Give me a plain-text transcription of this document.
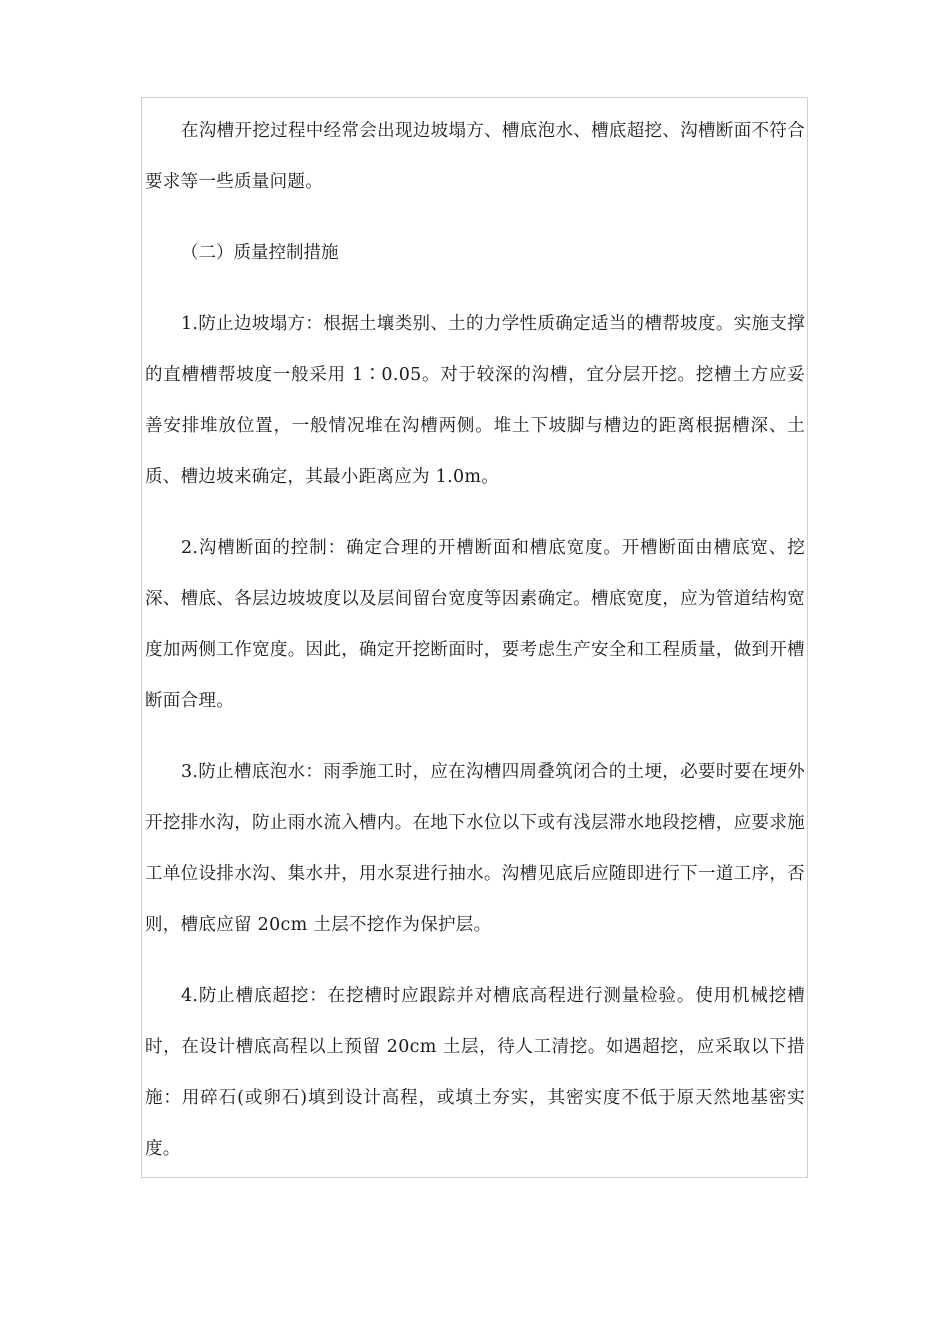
在沟槽开挖过程中经常会出现边坡塌方、槽底泡水、槽底超挖、沟槽断面不符合要求等一些质量问题。

（二）质量控制措施

1.防止边坡塌方：根据土壤类别、土的力学性质确定适当的槽帮坡度。实施支撑的直槽槽帮坡度一般采用 1∶0.05。对于较深的沟槽，宜分层开挖。挖槽土方应妥善安排堆放位置，一般情况堆在沟槽两侧。堆土下坡脚与槽边的距离根据槽深、土质、槽边坡来确定，其最小距离应为 1.0m。

2.沟槽断面的控制：确定合理的开槽断面和槽底宽度。开槽断面由槽底宽、挖深、槽底、各层边坡坡度以及层间留台宽度等因素确定。槽底宽度，应为管道结构宽度加两侧工作宽度。因此，确定开挖断面时，要考虑生产安全和工程质量，做到开槽断面合理。

3.防止槽底泡水：雨季施工时，应在沟槽四周叠筑闭合的土埂，必要时要在埂外开挖排水沟，防止雨水流入槽内。在地下水位以下或有浅层滞水地段挖槽，应要求施工单位设排水沟、集水井，用水泵进行抽水。沟槽见底后应随即进行下一道工序，否则，槽底应留 20cm 土层不挖作为保护层。

4.防止槽底超挖：在挖槽时应跟踪并对槽底高程进行测量检验。使用机械挖槽时，在设计槽底高程以上预留 20cm 土层，待人工清挖。如遇超挖，应采取以下措施：用碎石(或卵石)填到设计高程，或填土夯实，其密实度不低于原天然地基密实度。
